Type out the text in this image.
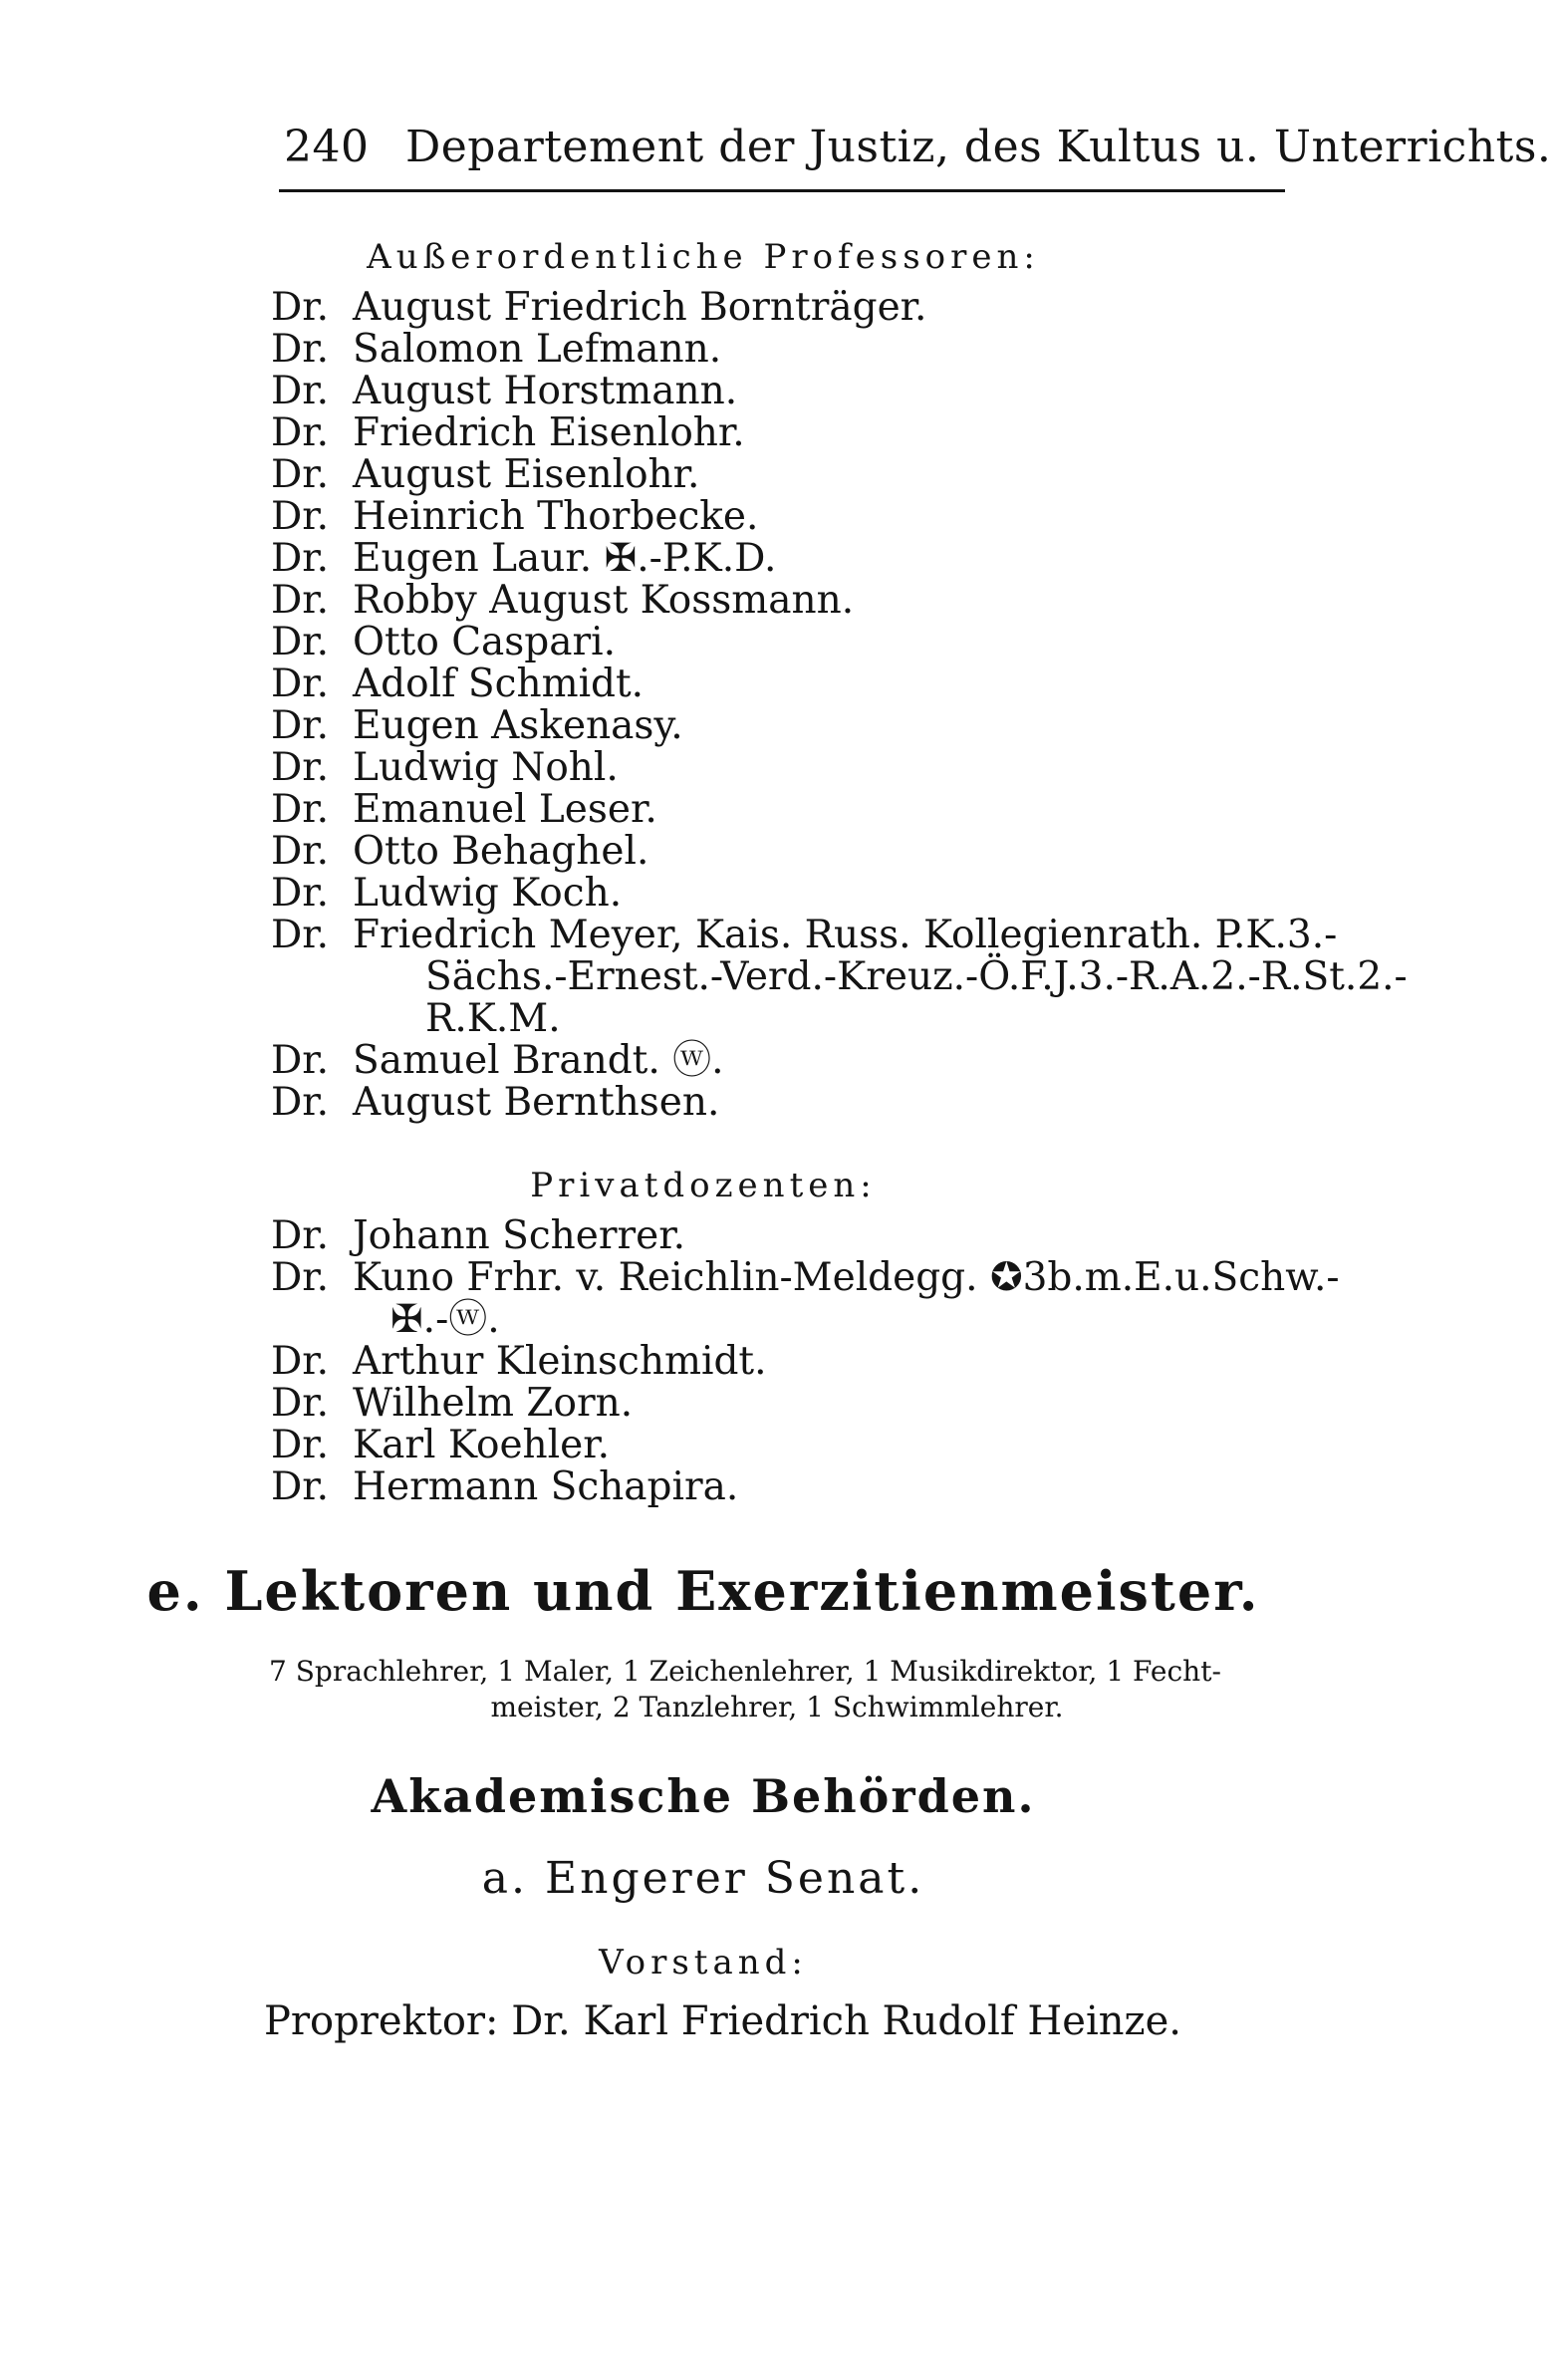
240 Departement der Justiz, des Kultus u. Unterrichts.
Außerordentliche Professoren:
Dr. August Friedrich Bornträger.
Dr. Salomon Lefmann.
Dr. August Horstmann.
Dr. Friedrich Eisenlohr.
Dr. August Eisenlohr.
Dr. Heinrich Thorbecke.
Dr. Eugen Laur. ✠.-P.K.D.
Dr. Robby August Kossmann.
Dr. Otto Caspari.
Dr. Adolf Schmidt.
Dr. Eugen Askenasy.
Dr. Ludwig Nohl.
Dr. Emanuel Leser.
Dr. Otto Behaghel.
Dr. Ludwig Koch.
Dr. Friedrich Meyer, Kais. Russ. Kollegienrath. P.K.3.-
Sächs.-Ernest.-Verd.-Kreuz.-Ö.F.J.3.-R.A.2.-R.St.2.-
R.K.M.
Dr. Samuel Brandt. ⓦ.
Dr. August Bernthsen.
Privatdozenten:
Dr. Johann Scherrer.
Dr. Kuno Frhr. v. Reichlin-Meldegg. ✪3b.m.E.u.Schw.-
✠.-ⓦ.
Dr. Arthur Kleinschmidt.
Dr. Wilhelm Zorn.
Dr. Karl Koehler.
Dr. Hermann Schapira.
e. Lektoren und Exerzitienmeister.
7 Sprachlehrer, 1 Maler, 1 Zeichenlehrer, 1 Musikdirektor, 1 Fecht-
meister, 2 Tanzlehrer, 1 Schwimmlehrer.
Akademische Behörden.
a. Engerer Senat.
Vorstand:
Proprektor: Dr. Karl Friedrich Rudolf Heinze.
